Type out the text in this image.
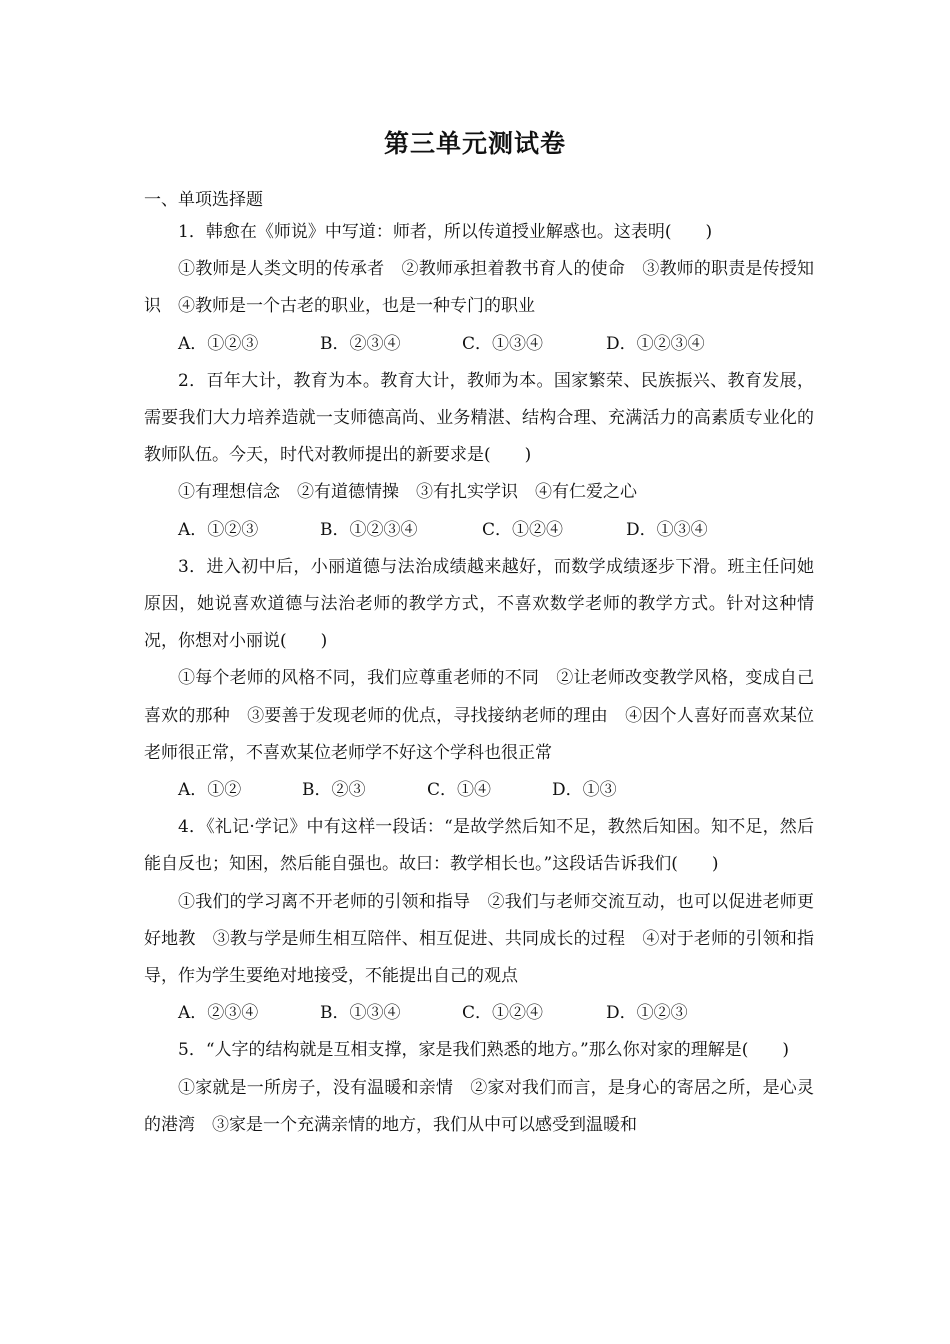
第三单元测试卷
一、单项选择题

1．韩愈在《师说》中写道：师者，所以传道授业解惑也。这表明(　　)

①教师是人类文明的传承者　②教师承担着教书育人的使命　③教师的职责是传授知识　④教师是一个古老的职业，也是一种专门的职业

A．①②③	B．②③④	C．①③④	D．①②③④

2．百年大计，教育为本。教育大计，教师为本。国家繁荣、民族振兴、教育发展，需要我们大力培养造就一支师德高尚、业务精湛、结构合理、充满活力的高素质专业化的教师队伍。今天，时代对教师提出的新要求是(　　)

①有理想信念　②有道德情操　③有扎实学识　④有仁爱之心

A．①②③	B．①②③④	C．①②④	D．①③④

3．进入初中后，小丽道德与法治成绩越来越好，而数学成绩逐步下滑。班主任问她原因，她说喜欢道德与法治老师的教学方式，不喜欢数学老师的教学方式。针对这种情况，你想对小丽说(　　)

①每个老师的风格不同，我们应尊重老师的不同　②让老师改变教学风格，变成自己喜欢的那种　③要善于发现老师的优点，寻找接纳老师的理由　④因个人喜好而喜欢某位老师很正常，不喜欢某位老师学不好这个学科也很正常

A．①②	B．②③	C．①④	D．①③

4．《礼记·学记》中有这样一段话：“是故学然后知不足，教然后知困。知不足，然后能自反也；知困，然后能自强也。故曰：教学相长也。”这段话告诉我们(　　)

①我们的学习离不开老师的引领和指导　②我们与老师交流互动，也可以促进老师更好地教　③教与学是师生相互陪伴、相互促进、共同成长的过程　④对于老师的引领和指导，作为学生要绝对地接受，不能提出自己的观点

A．②③④	B．①③④	C．①②④	D．①②③

5．“人字的结构就是互相支撑，家是我们熟悉的地方。”那么你对家的理解是(　　)

①家就是一所房子，没有温暖和亲情　②家对我们而言，是身心的寄居之所，是心灵的港湾　③家是一个充满亲情的地方，我们从中可以感受到温暖和
